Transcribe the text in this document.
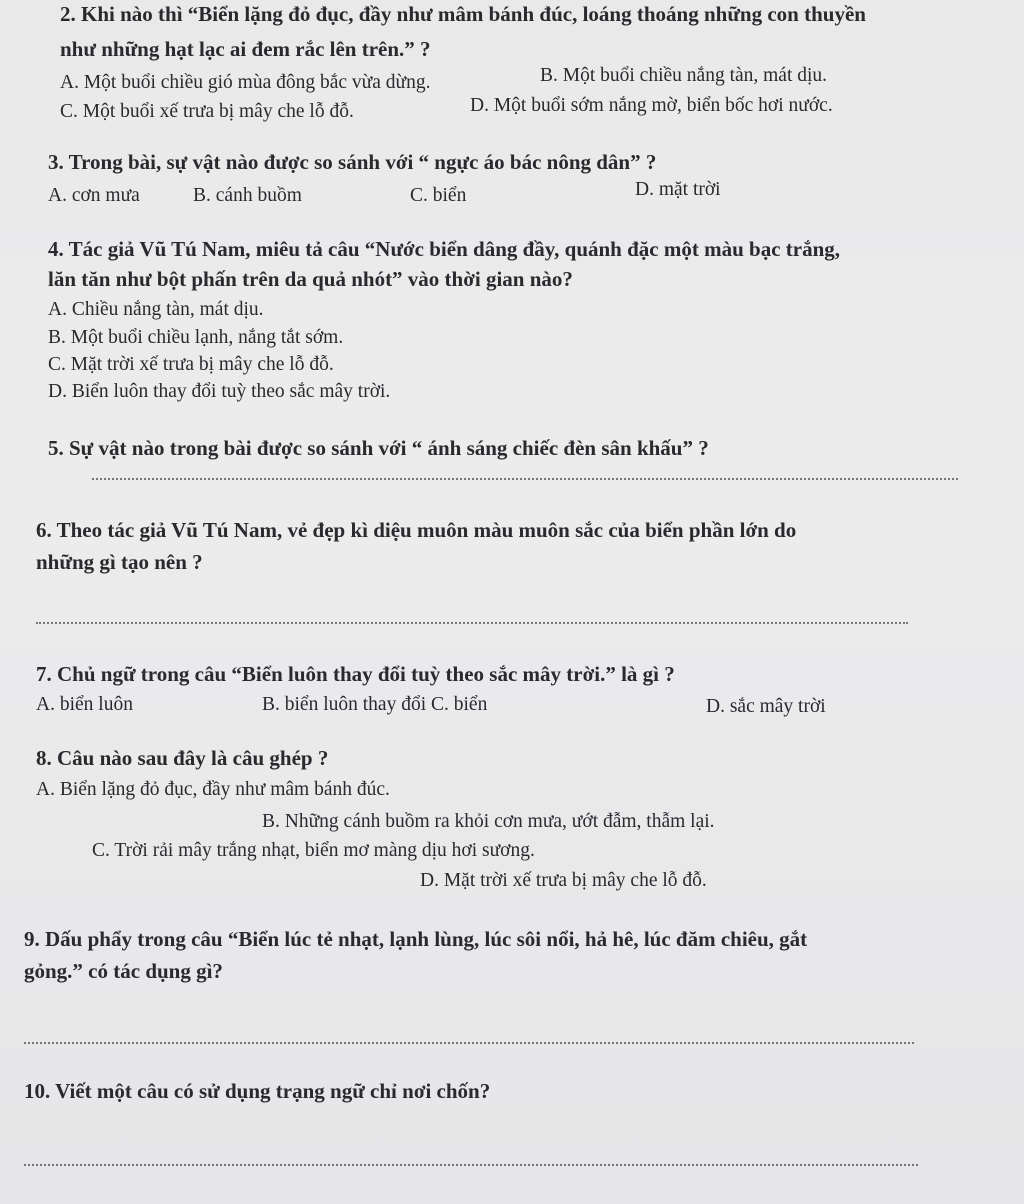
2. Khi nào thì “Biển lặng đỏ đục, đầy như mâm bánh đúc, loáng thoáng những con thuyền
như những hạt lạc ai đem rắc lên trên.” ?
A. Một buổi chiều gió mùa đông bắc vừa dừng.	B. Một buổi chiều nắng tàn, mát dịu.
C. Một buổi xế trưa bị mây che lỗ đỗ.	D. Một buổi sớm nắng mờ, biển bốc hơi nước.
3. Trong bài, sự vật nào được so sánh với “ ngực áo bác nông dân” ?
A. cơn mưa	B. cánh buồm	C. biển	D. mặt trời
4. Tác giả Vũ Tú Nam, miêu tả câu “Nước biển dâng đầy, quánh đặc một màu bạc trắng,
lăn tăn như bột phấn trên da quả nhót” vào thời gian nào?
A. Chiều nắng tàn, mát dịu.
B. Một buổi chiều lạnh, nắng tắt sớm.
C. Mặt trời xế trưa bị mây che lỗ đỗ.
D. Biển luôn thay đổi tuỳ theo sắc mây trời.
5. Sự vật nào trong bài được so sánh với “ ánh sáng chiếc đèn sân khấu” ?
6. Theo tác giả Vũ Tú Nam, vẻ đẹp kì diệu muôn màu muôn sắc của biển phần lớn do
những gì tạo nên ?
7. Chủ ngữ trong câu “Biển luôn thay đổi tuỳ theo sắc mây trời.” là gì ?
A. biển luôn	B. biển luôn thay đổi C. biển	D. sắc mây trời
8. Câu nào sau đây là câu ghép ?
A. Biển lặng đỏ đục, đầy như mâm bánh đúc.
B. Những cánh buồm ra khỏi cơn mưa, ướt đẫm, thẫm lại.
C. Trời rải mây trắng nhạt, biển mơ màng dịu hơi sương.
D. Mặt trời xế trưa bị mây che lỗ đỗ.
9. Dấu phẩy trong câu “Biển lúc tẻ nhạt, lạnh lùng, lúc sôi nổi, hả hê, lúc đăm chiêu, gắt
gỏng.” có tác dụng gì?
10. Viết một câu có sử dụng trạng ngữ chỉ nơi chốn?
